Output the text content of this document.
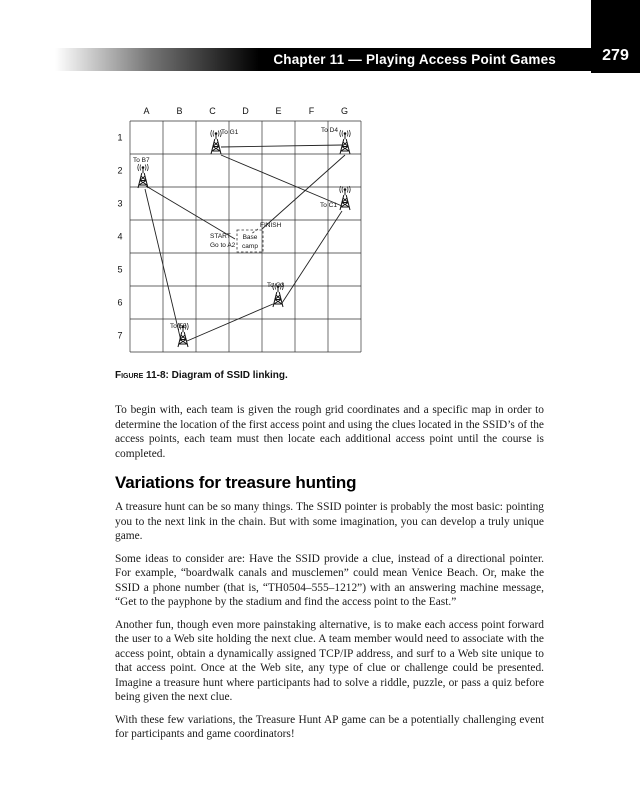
Chapter 11 — Playing Access Point Games	279
A	B	C	D	E	F	G
1
2
3
4
5
6
7
To G1	To D4
To B7
To C1
To G3
To E5
Base
camp
START
Go to A2
FINISH
Figure 11-8: Diagram of SSID linking.

To begin with, each team is given the rough grid coordinates and a specific map in order to determine the location of the first access point and using the clues located in the SSID’s of the access points, each team must then locate each additional access point until the course is completed.

Variations for treasure hunting

A treasure hunt can be so many things. The SSID pointer is probably the most basic: pointing you to the next link in the chain. But with some imagination, you can develop a truly unique game.

Some ideas to consider are: Have the SSID provide a clue, instead of a directional pointer. For example, “boardwalk canals and musclemen” could mean Venice Beach. Or, make the SSID a phone number (that is, “TH0504–555–1212”) with an answering machine message, “Get to the payphone by the stadium and find the access point to the East.”

Another fun, though even more painstaking alternative, is to make each access point forward the user to a Web site holding the next clue. A team member would need to associate with the access point, obtain a dynamically assigned TCP/IP address, and surf to a Web site unique to that access point. Once at the Web site, any type of clue or challenge could be presented. Imagine a treasure hunt where participants had to solve a riddle, puzzle, or pass a quiz before being given the next clue.

With these few variations, the Treasure Hunt AP game can be a potentially challenging event for participants and game coordinators!
